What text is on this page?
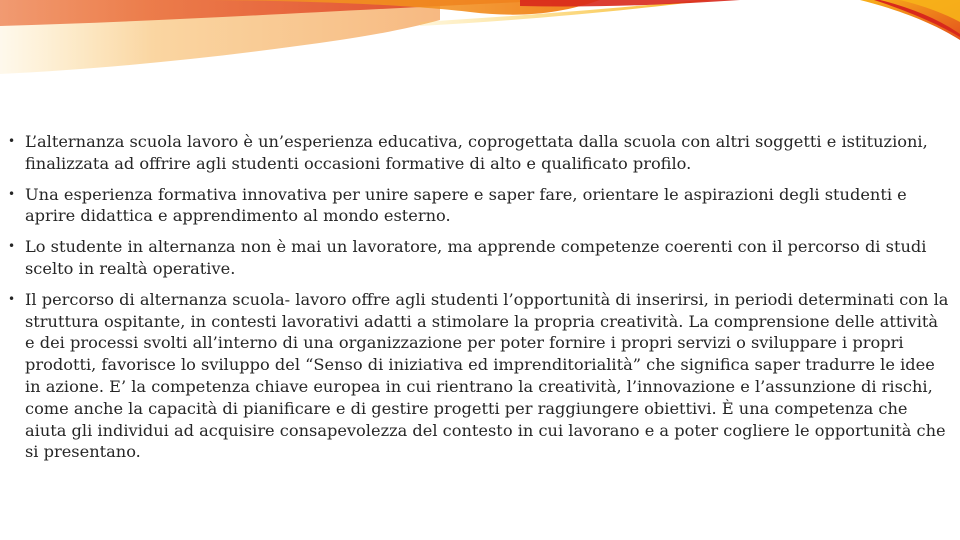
• L’alternanza scuola lavoro è un’esperienza educativa, coprogettata dalla scuola con altri soggetti e istituzioni, finalizzata ad offrire agli studenti occasioni formative di alto e qualificato profilo.
• Una esperienza formativa innovativa per unire sapere e saper fare, orientare le aspirazioni degli studenti e aprire didattica e apprendimento al mondo esterno.
• Lo studente in alternanza non è mai un lavoratore, ma apprende competenze coerenti con il percorso di studi scelto in realtà operative.
• Il percorso di alternanza scuola- lavoro offre agli studenti l’opportunità di inserirsi, in periodi determinati con la struttura ospitante, in contesti lavorativi adatti a stimolare la propria creatività. La comprensione delle attività e dei processi svolti all’interno di una organizzazione per poter fornire i propri servizi o sviluppare i propri prodotti, favorisce lo sviluppo del “Senso di iniziativa ed imprenditorialità” che significa saper tradurre le idee in azione. E’ la competenza chiave europea in cui rientrano la creatività, l’innovazione e l’assunzione di rischi, come anche la capacità di pianificare e di gestire progetti per raggiungere obiettivi. È una competenza che aiuta gli individui ad acquisire consapevolezza del contesto in cui lavorano e a poter cogliere le opportunità che si presentano.
